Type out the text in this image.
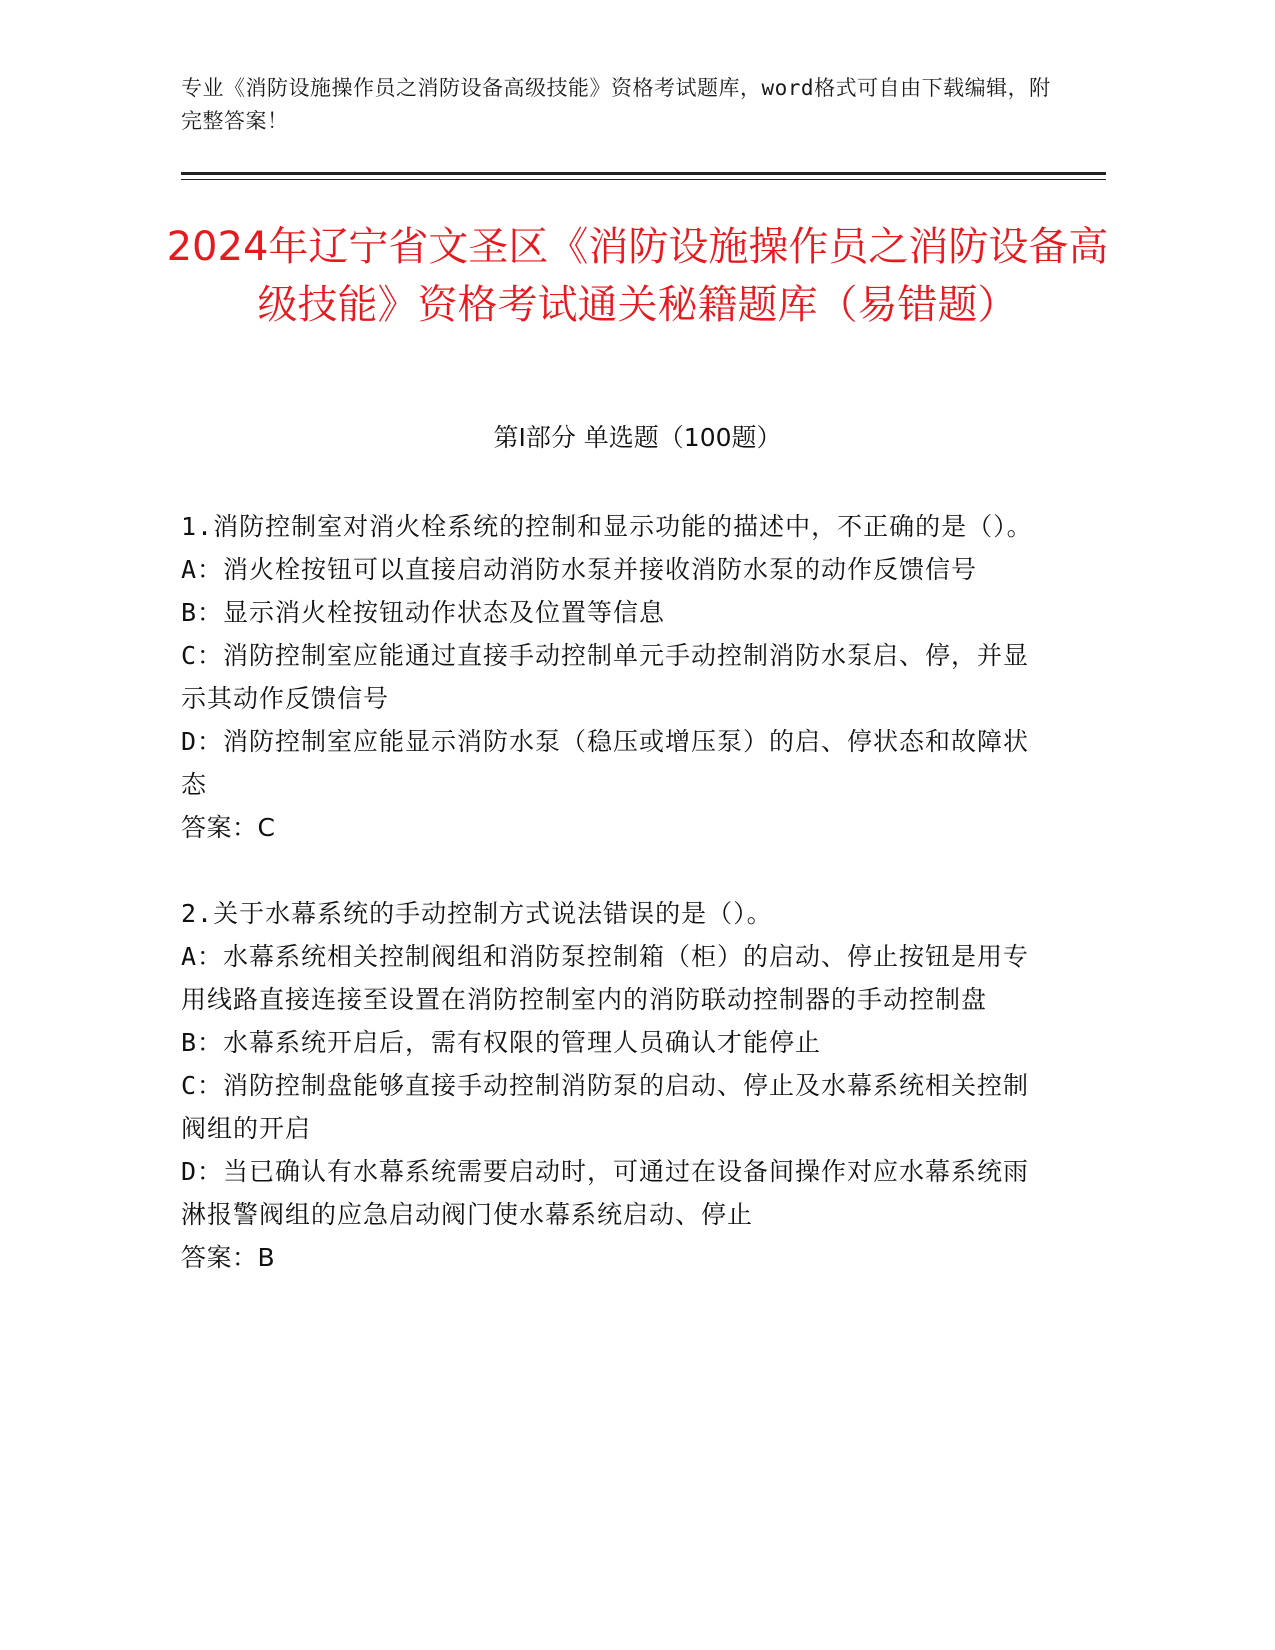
专业《消防设施操作员之消防设备高级技能》资格考试题库，word格式可自由下载编辑，附完整答案！
2024年辽宁省文圣区《消防设施操作员之消防设备高级技能》资格考试通关秘籍题库（易错题）
第Ⅰ部分 单选题（100题）

1.消防控制室对消火栓系统的控制和显示功能的描述中，不正确的是（）。

A：消火栓按钮可以直接启动消防水泵并接收消防水泵的动作反馈信号

B：显示消火栓按钮动作状态及位置等信息

C：消防控制室应能通过直接手动控制单元手动控制消防水泵启、停，并显示其动作反馈信号

D：消防控制室应能显示消防水泵（稳压或增压泵）的启、停状态和故障状态

答案：C

2.关于水幕系统的手动控制方式说法错误的是（）。

A：水幕系统相关控制阀组和消防泵控制箱（柜）的启动、停止按钮是用专用线路直接连接至设置在消防控制室内的消防联动控制器的手动控制盘

B：水幕系统开启后，需有权限的管理人员确认才能停止

C：消防控制盘能够直接手动控制消防泵的启动、停止及水幕系统相关控制阀组的开启

D：当已确认有水幕系统需要启动时，可通过在设备间操作对应水幕系统雨淋报警阀组的应急启动阀门使水幕系统启动、停止

答案：B
